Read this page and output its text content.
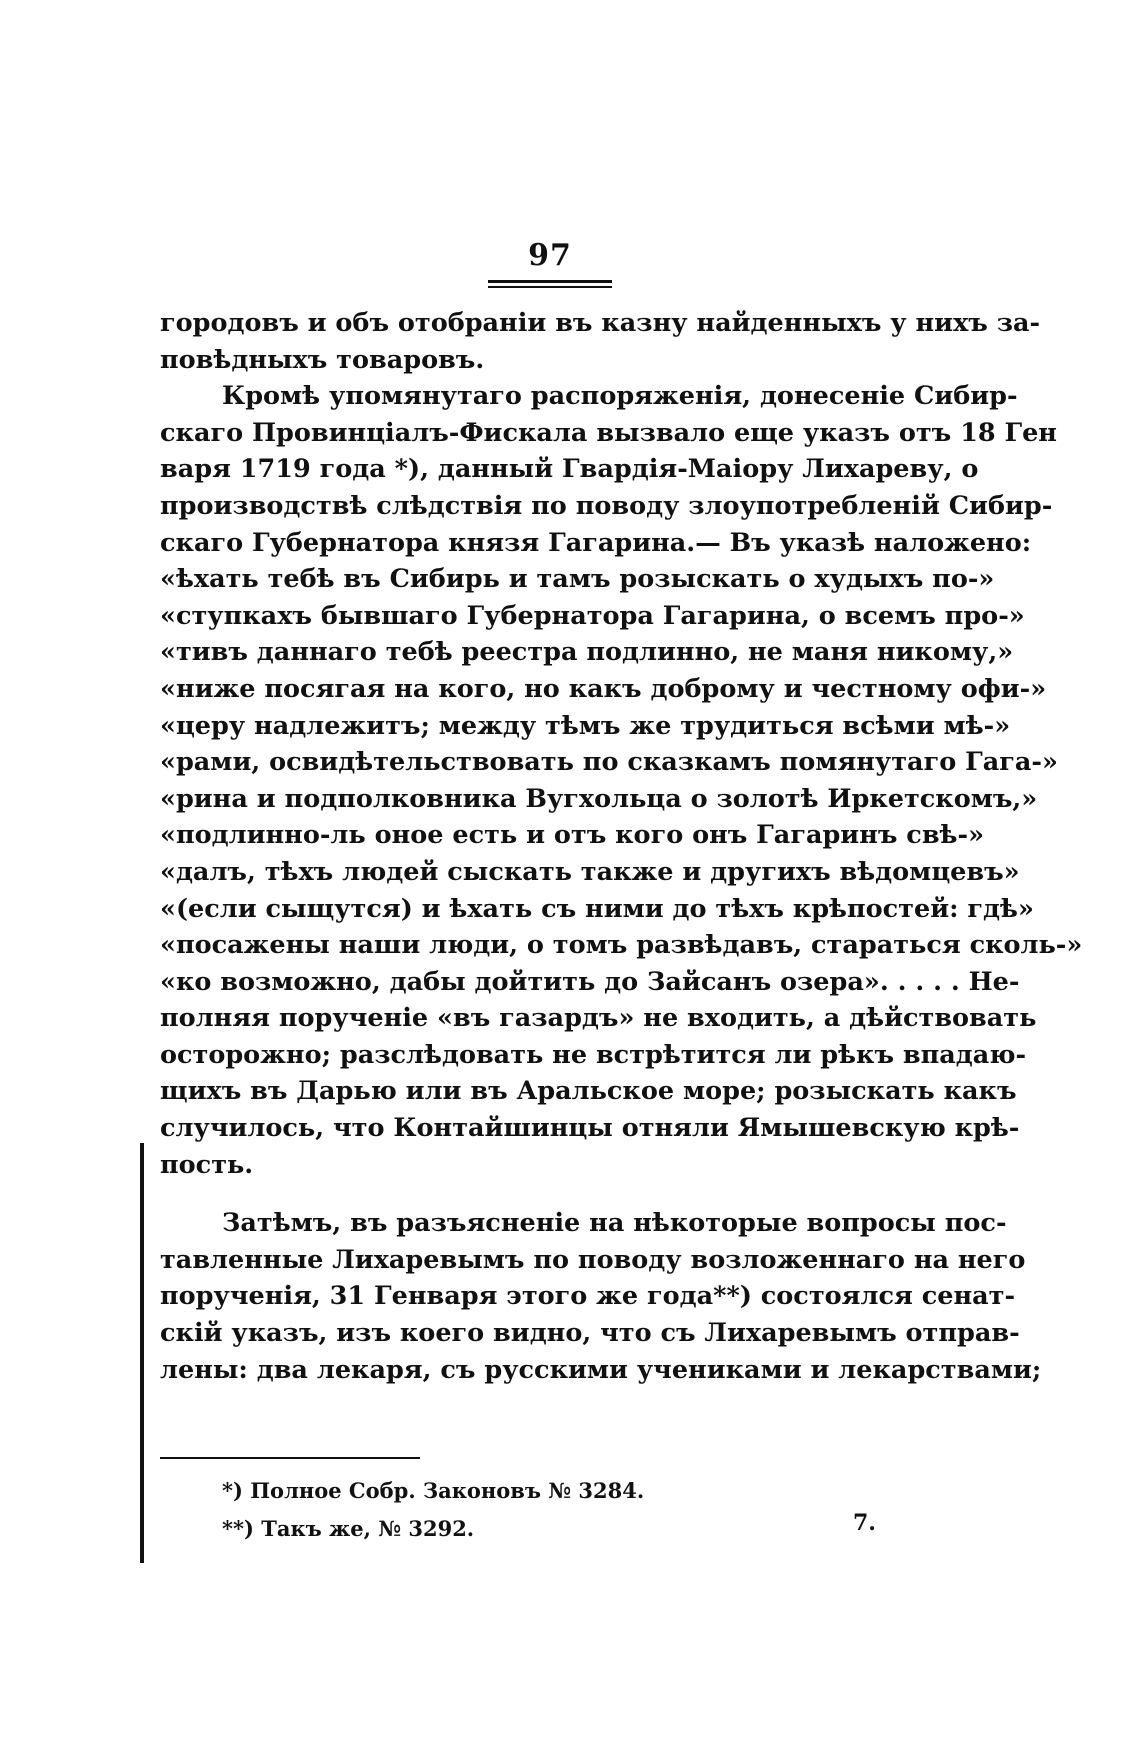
97
городовъ и объ отобраніи въ казну найденныхъ у нихъ за-
повѣдныхъ товаровъ.
Кромѣ упомянутаго распоряженія, донесеніе Сибир-
скаго Провинціалъ-Фискала вызвало еще указъ отъ 18 Ген
варя 1719 года *), данный Гвардія-Маіору Лихареву, о
производствѣ слѣдствія по поводу злоупотребленій Сибир-
скаго Губернатора князя Гагарина.— Въ указѣ наложено:
«ѣхать тебѣ въ Сибирь и тамъ розыскать о худыхъ по-»
«ступкахъ бывшаго Губернатора Гагарина, о всемъ про-»
«тивъ даннаго тебѣ реестра подлинно, не маня никому,»
«ниже посягая на кого, но какъ доброму и честному офи-»
«церу надлежитъ; между тѣмъ же трудиться всѣми мѣ-»
«рами, освидѣтельствовать по сказкамъ помянутаго Гага-»
«рина и подполковника Вугхольца о золотѣ Иркетскомъ,»
«подлинно-ль оное есть и отъ кого онъ Гагаринъ свѣ-»
«далъ, тѣхъ людей сыскать также и другихъ вѣдомцевъ»
«(если сыщутся) и ѣхать съ ними до тѣхъ крѣпостей: гдѣ»
«посажены наши люди, о томъ развѣдавъ, стараться сколь-»
«ко возможно, дабы дойтить до Зайсанъ озера». . . . . Не-
полняя порученіе «въ газардъ» не входить, а дѣйствовать
осторожно; разслѣдовать не встрѣтится ли рѣкъ впадаю-
щихъ въ Дарью или въ Аральское море; розыскать какъ
случилось, что Контайшинцы отняли Ямышевскую крѣ-
пость.
Затѣмъ, въ разъясненіе на нѣкоторые вопросы пос-
тавленные Лихаревымъ по поводу возложеннаго на него
порученія, 31 Генваря этого же года**) состоялся сенат-
скій указъ, изъ коего видно, что съ Лихаревымъ отправ-
лены: два лекаря, съ русскими учениками и лекарствами;
*) Полное Собр. Законовъ № 3284.
**) Такъ же, № 3292.	7.
